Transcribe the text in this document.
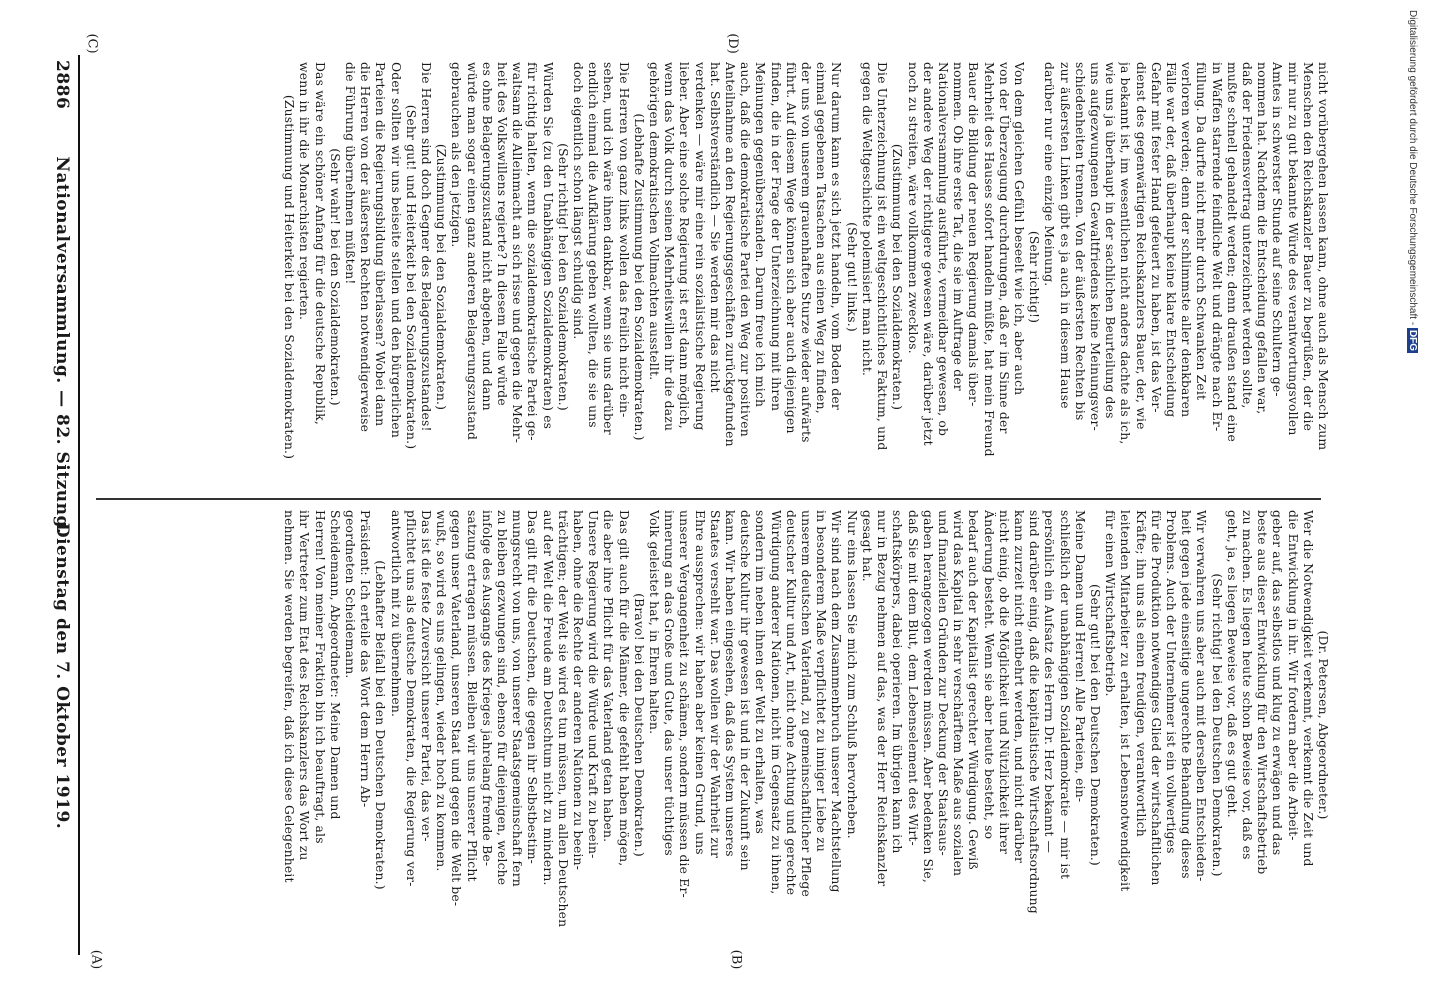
2886 Nationalversammlung. — 82. Sitzung. Dienstag den 7. Oktober 1919.
(A)	(B)
(C)	(D)

(Dr. Petersen, Abgeordneter.)

Wer die Notwendigkeit verkennt, verkennt die Zeit und

die Entwicklung in ihr. Wir fordern aber die Arbeit-

geber auf, das selbstlos und klug zu erwägen und das

beste aus dieser Entwicklung für den Wirtschaftsbetrieb

zu machen. Es liegen heute schon Beweise vor, daß es

geht, ja, es liegen Beweise vor, daß es gut geht.

(Sehr richtig! bei den Deutschen Demokraten.)

Wir verwahren uns aber auch mit derselben Entschieden-

heit gegen jede einseitige ungerechte Behandlung dieses

Problems. Auch der Unternehmer ist ein vollwertiges

für die Produktion notwendiges Glied der wirtschaftlichen

Kräfte; ihn uns als einen freudigen, verantwortlich

leitenden Mitarbeiter zu erhalten, ist Lebensnotwendigkeit

für einen Wirtschaftsbetrieb.

(Sehr gut! bei den Deutschen Demokraten.)

Meine Damen und Herren! Alle Parteien, ein-

schließlich der unabhängigen Sozialdemokratie — mir ist

persönlich ein Aufsatz des Herrn Dr. Herz bekannt —

sind darüber einig, daß die kapitalistische Wirtschaftsordnung

kann zurzeit nicht entbehrt werden, und nicht darüber

nicht einig, ob die Möglichkeit und Nützlichkeit ihrer

Änderung besteht. Wenn sie aber heute besteht, so

bedarf auch der Kapitalist gerechter Würdigung. Gewiß

wird das Kapital in sehr verschärftem Maße aus sozialen

und finanziellen Gründen zur Deckung der Staatsaus-

gaben herangezogen werden müssen. Aber bedenken Sie,

daß Sie mit dem Blut, dem Lebenselement des Wirt-

schaftskörpers, dabei operieren. Im übrigen kann ich

nur in Bezug nehmen auf das, was der Herr Reichskanzler

gesagt hat.

Nur eins lassen Sie mich zum Schluß hervorheben.

Wir sind nach dem Zusammenbruch unserer Machtstellung

in besonderem Maße verpflichtet zu inniger Liebe zu

unserem deutschen Vaterland, zu gemeinschaftlicher Pflege

deutscher Kultur und Art, nicht ohne Achtung und gerechte

Würdigung anderer Nationen, nicht im Gegensatz zu ihnen,

sondern im neben ihnen der Welt zu erhalten, was

deutsche Kultur ihr gewesen ist und in der Zukunft sein

kann. Wir haben eingesehen, daß das System unseres

Staates versehlt war. Das wollen wir der Wahrheit zur

Ehre aussprechen: wir haben aber keinen Grund, uns

unserer Vergangenheit zu schämen, sondern müssen die Er-

innerung an das Große und Gute, das unser tüchtiges

Volk geleistet hat, in Ehren halten.

(Bravo! bei den Deutschen Demokraten.)

Das gilt auch für die Männer, die gefehlt haben mögen,

die aber ihre Pflicht für das Vaterland getan haben.

Unsere Regierung wird die Würde und Kraft zu beein-

haben, ohne die Rechte der anderen Nationen zu beein-

trächtigen; der Welt sie wird es tun müssen, um allen Deutschen

auf der Welt die Freude am Deutschtum nicht zu mindern.

Das gilt für die Deutschen, die gegen ihr Selbstbestim-

mungsrecht von uns, von unserer Staatsgemeinschaft fern

zu bleiben gezwungen sind, ebenso für diejenigen, welche

infolge des Ausgangs des Krieges jahrelang fremde Be-

satzung ertragen müssen. Bleiben wir uns unserer Pflicht

gegen unser Vaterland, unseren Staat und gegen die Welt be-

wußt, so wird es uns gelingen, wieder hoch zu kommen.

Das ist die feste Zuversicht unserer Partei, das ver-

pflichtet uns als deutsche Demokraten, die Regierung ver-

antwortlich mit zu übernehmen.

(Lebhafter Beifall bei den Deutschen Demokraten.)

Präsident: Ich erteile das Wort dem Herrn Ab-

geordneten Scheidemann.

Scheidemann, Abgeordneter: Meine Damen und

Herren! Von meiner Fraktion bin ich beauftragt, als

ihr Vertreter zum Etat des Reichskanzlers das Wort zu

nehmen. Sie werden begreifen, daß ich diese Gelegenheit

nicht vorübergehen lassen kann, ohne auch als Mensch zum

Menschen den Reichskanzler Bauer zu begrüßen, der die

mir nur zu gut bekannte Würde des verantwortungsvollen

Amtes in schwerster Stunde auf seine Schultern ge-

nommen hat. Nachdem die Entscheidung gefallen war,

daß der Friedensvertrag unterzeichnet werden sollte,

mußte schnell gehandelt werden; denn draußen stand eine

in Waffen starrende feindliche Welt und drängte nach Er-

füllung. Da durfte nicht mehr durch Schwanken Zeit

verloren werden; denn der schlimmste aller denkbaren

Fälle war der, daß überhaupt keine klare Entscheidung

Gefahr mit fester Hand gefeuert zu haben, ist das Ver-

dienst des gegenwärtigen Reichskanzlers Bauer, der, wie

ja bekannt ist, im wesentlichen nicht anders dachte als ich,

wie uns ja überhaupt in der sachlichen Beurteilung des

uns aufgezwungenen Gewaltfriedens keine Meinungsver-

schiedenheiten trennen. Von der äußersten Rechten bis

zur äußersten Linken gibt es ja auch in diesem Hause

darüber nur eine einzige Meinung.

(Sehr richtig!)

Von dem gleichen Gefühl beseelt wie ich, aber auch

von der Überzeugung durchdrungen, daß er im Sinne der

Mehrheit des Hauses sofort handeln müßte, hat mein Freund

Bauer die Bildung der neuen Regierung damals über-

nommen. Ob ihre erste Tat, die sie im Auftrage der

Nationalversammlung ausführte, vermeidbar gewesen, ob

der andere Weg der richtigere gewesen wäre, darüber jetzt

noch zu streiten, wäre vollkommen zwecklos.

(Zustimmung bei den Sozialdemokraten.)

Die Unterzeichnung ist ein weltgeschichtliches Faktum, und

gegen die Weltgeschichte polemisiert man nicht.

(Sehr gut! links.)

Nur darum kann es sich jetzt handeln, vom Boden der

einmal gegebenen Tatsachen aus einen Weg zu finden,

der uns von unserem grauenhaften Sturze wieder aufwärts

führt. Auf diesem Wege können sich aber auch diejenigen

finden, die in der Frage der Unterzeichnung mit ihren

Meinungen gegenüberstanden. Darum freue ich mich

auch, daß die demokratische Partei den Weg zur positiven

Anteilnahme an den Regierungsgeschäften zurückgefunden

hat. Selbstverständlich — Sie werden mir das nicht

verdenken — wäre mir eine rein sozialistische Regierung

lieber. Aber eine solche Regierung ist erst dann möglich,

wenn das Volk durch seinen Mehrheitswillen ihr die dazu

gehörigen demokratischen Vollmachten ausstellt.

(Lebhafte Zustimmung bei den Sozialdemokraten.)

Die Herren von ganz links wollen das freilich nicht ein-

sehen, und ich wäre ihnen dankbar, wenn sie uns darüber

endlich einmal die Aufklärung geben wollten, die sie uns

doch eigentlich schon längst schuldig sind.

(Sehr richtig! bei den Sozialdemokraten.)

Würden Sie (zu den Unabhängigen Sozialdemokraten) es

für richtig halten, wenn die sozialdemokratische Partei ge-

waltsam die Alleinmacht an sich risse und gegen die Mehr-

heit des Volkswillens regierte? In diesem Falle würde

es ohne Belagerungszustand nicht abgehen, und dann

würde man sogar einen ganz anderen Belagerungszustand

gebrauchen als den jetzigen.

(Zustimmung bei den Sozialdemokraten.)

Die Herren sind doch Gegner des Belagerungszustandes!

(Sehr gut! und Heiterkeit bei den Sozialdemokraten.)

Oder sollten wir uns beiseite stellen und den bürgerlichen

Parteien die Regierungsbildung überlassen? Wobei dann

die Herren von der äußersten Rechten notwendigerweise

die Führung übernehmen müßten!

(Sehr wahr! bei den Sozialdemokraten.)

Das wäre ein schöner Anfang für die deutsche Republik,

wenn in ihr die Monarchisten regierten.

(Zustimmung und Heiterkeit bei den Sozialdemokraten.)	Digitalisierung gefördert durch die Deutsche Forschungsgemeinschaft - DFG
